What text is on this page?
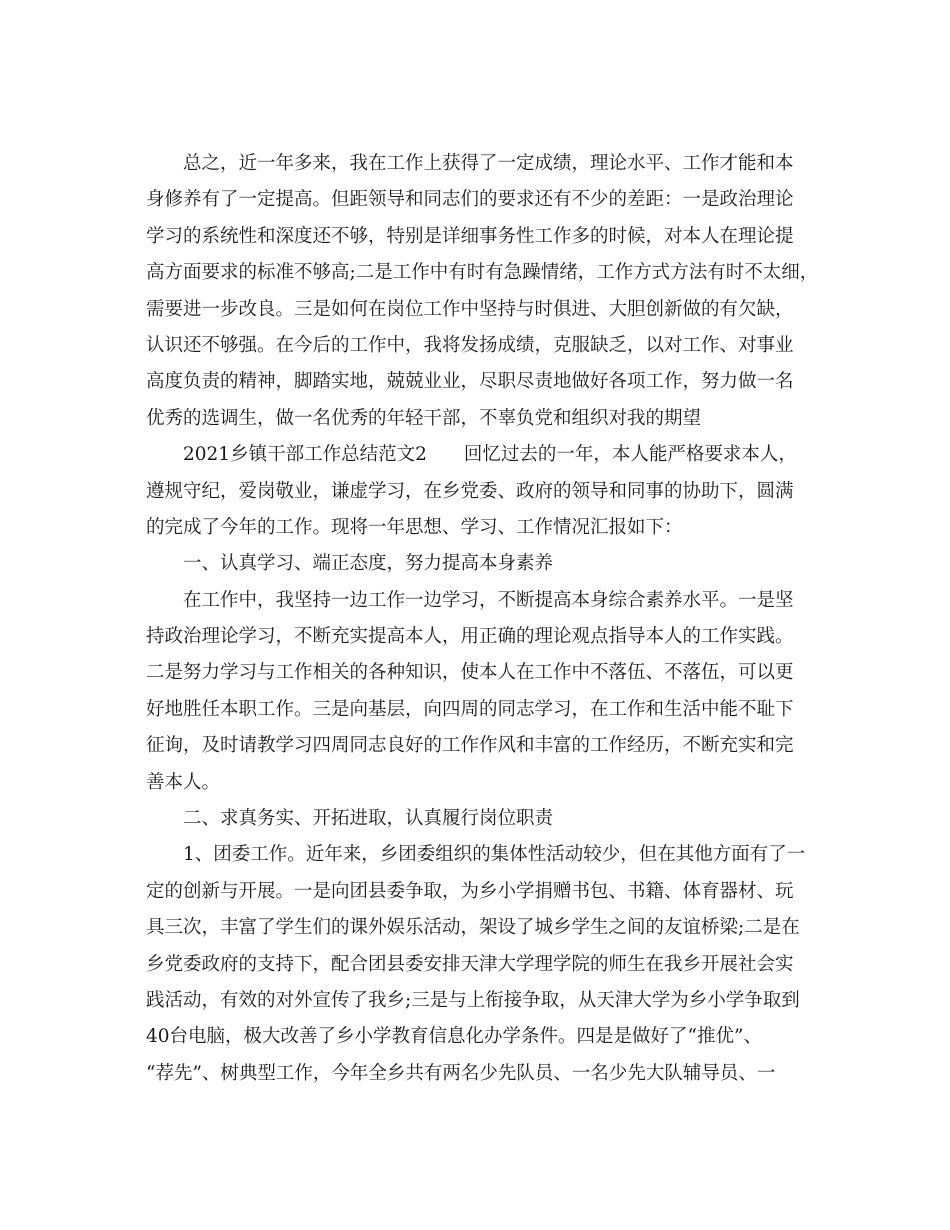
总之，近一年多来，我在工作上获得了一定成绩，理论水平、工作才能和本
身修养有了一定提高。但距领导和同志们的要求还有不少的差距：一是政治理论
学习的系统性和深度还不够，特别是详细事务性工作多的时候，对本人在理论提
高方面要求的标准不够高;二是工作中有时有急躁情绪，工作方式方法有时不太细，
需要进一步改良。三是如何在岗位工作中坚持与时俱进、大胆创新做的有欠缺，
认识还不够强。在今后的工作中，我将发扬成绩，克服缺乏，以对工作、对事业
高度负责的精神，脚踏实地，兢兢业业，尽职尽责地做好各项工作，努力做一名
优秀的选调生，做一名优秀的年轻干部，不辜负党和组织对我的期望
2021乡镇干部工作总结范文2　　回忆过去的一年，本人能严格要求本人，
遵规守纪，爱岗敬业，谦虚学习，在乡党委、政府的领导和同事的协助下，圆满
的完成了今年的工作。现将一年思想、学习、工作情况汇报如下：
一、认真学习、端正态度，努力提高本身素养
在工作中，我坚持一边工作一边学习，不断提高本身综合素养水平。一是坚
持政治理论学习，不断充实提高本人，用正确的理论观点指导本人的工作实践。
二是努力学习与工作相关的各种知识，使本人在工作中不落伍、不落伍，可以更
好地胜任本职工作。三是向基层，向四周的同志学习，在工作和生活中能不耻下
征询，及时请教学习四周同志良好的工作作风和丰富的工作经历，不断充实和完
善本人。
二、求真务实、开拓进取，认真履行岗位职责
1、团委工作。近年来，乡团委组织的集体性活动较少，但在其他方面有了一
定的创新与开展。一是向团县委争取，为乡小学捐赠书包、书籍、体育器材、玩
具三次，丰富了学生们的课外娱乐活动，架设了城乡学生之间的友谊桥梁;二是在
乡党委政府的支持下，配合团县委安排天津大学理学院的师生在我乡开展社会实
践活动，有效的对外宣传了我乡;三是与上衔接争取，从天津大学为乡小学争取到
40台电脑，极大改善了乡小学教育信息化办学条件。四是是做好了“推优”、
“荐先”、树典型工作，今年全乡共有两名少先队员、一名少先大队辅导员、一
